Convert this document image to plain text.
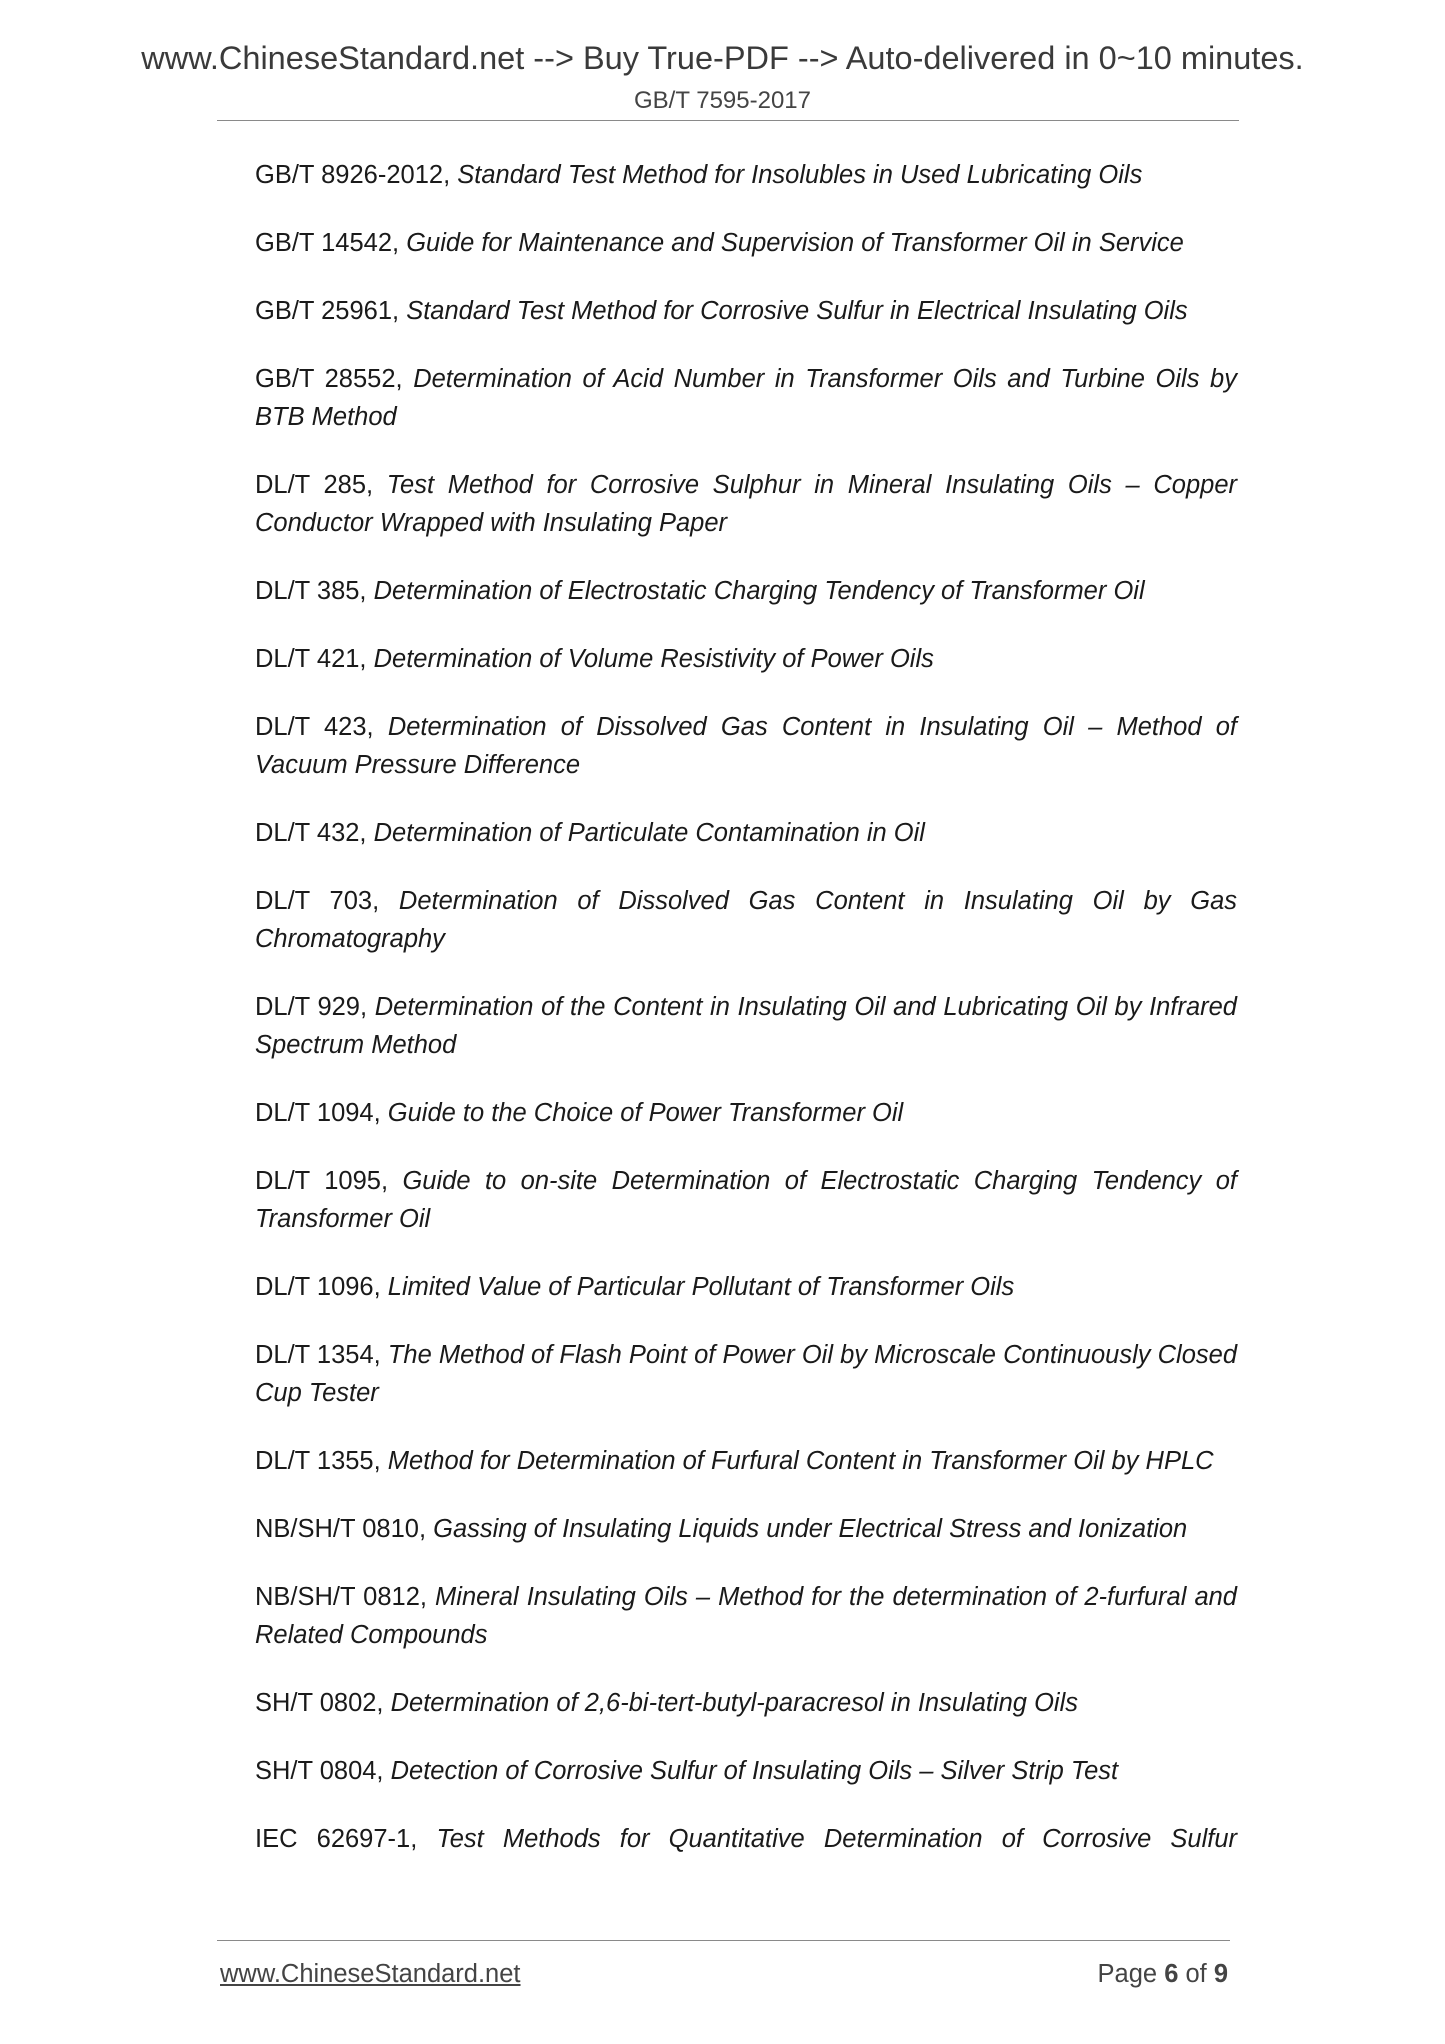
www.ChineseStandard.net --> Buy True-PDF --> Auto-delivered in 0~10 minutes.
GB/T 7595-2017

GB/T 8926-2012, Standard Test Method for Insolubles in Used Lubricating Oils

GB/T 14542, Guide for Maintenance and Supervision of Transformer Oil in Service

GB/T 25961, Standard Test Method for Corrosive Sulfur in Electrical Insulating Oils

GB/T 28552, Determination of Acid Number in Transformer Oils and Turbine Oils by BTB Method

DL/T 285, Test Method for Corrosive Sulphur in Mineral Insulating Oils – Copper Conductor Wrapped with Insulating Paper

DL/T 385, Determination of Electrostatic Charging Tendency of Transformer Oil

DL/T 421, Determination of Volume Resistivity of Power Oils

DL/T 423, Determination of Dissolved Gas Content in Insulating Oil – Method of Vacuum Pressure Difference

DL/T 432, Determination of Particulate Contamination in Oil

DL/T 703, Determination of Dissolved Gas Content in Insulating Oil by Gas Chromatography

DL/T 929, Determination of the Content in Insulating Oil and Lubricating Oil by Infrared Spectrum Method

DL/T 1094, Guide to the Choice of Power Transformer Oil

DL/T 1095, Guide to on-site Determination of Electrostatic Charging Tendency of Transformer Oil

DL/T 1096, Limited Value of Particular Pollutant of Transformer Oils

DL/T 1354, The Method of Flash Point of Power Oil by Microscale Continuously Closed Cup Tester

DL/T 1355, Method for Determination of Furfural Content in Transformer Oil by HPLC

NB/SH/T 0810, Gassing of Insulating Liquids under Electrical Stress and Ionization

NB/SH/T 0812, Mineral Insulating Oils – Method for the determination of 2-furfural and Related Compounds

SH/T 0802, Determination of 2,6-bi-tert-butyl-paracresol in Insulating Oils

SH/T 0804, Detection of Corrosive Sulfur of Insulating Oils – Silver Strip Test

IEC 62697-1, Test Methods for Quantitative Determination of Corrosive Sulfur

www.ChineseStandard.net	Page 6 of 9
